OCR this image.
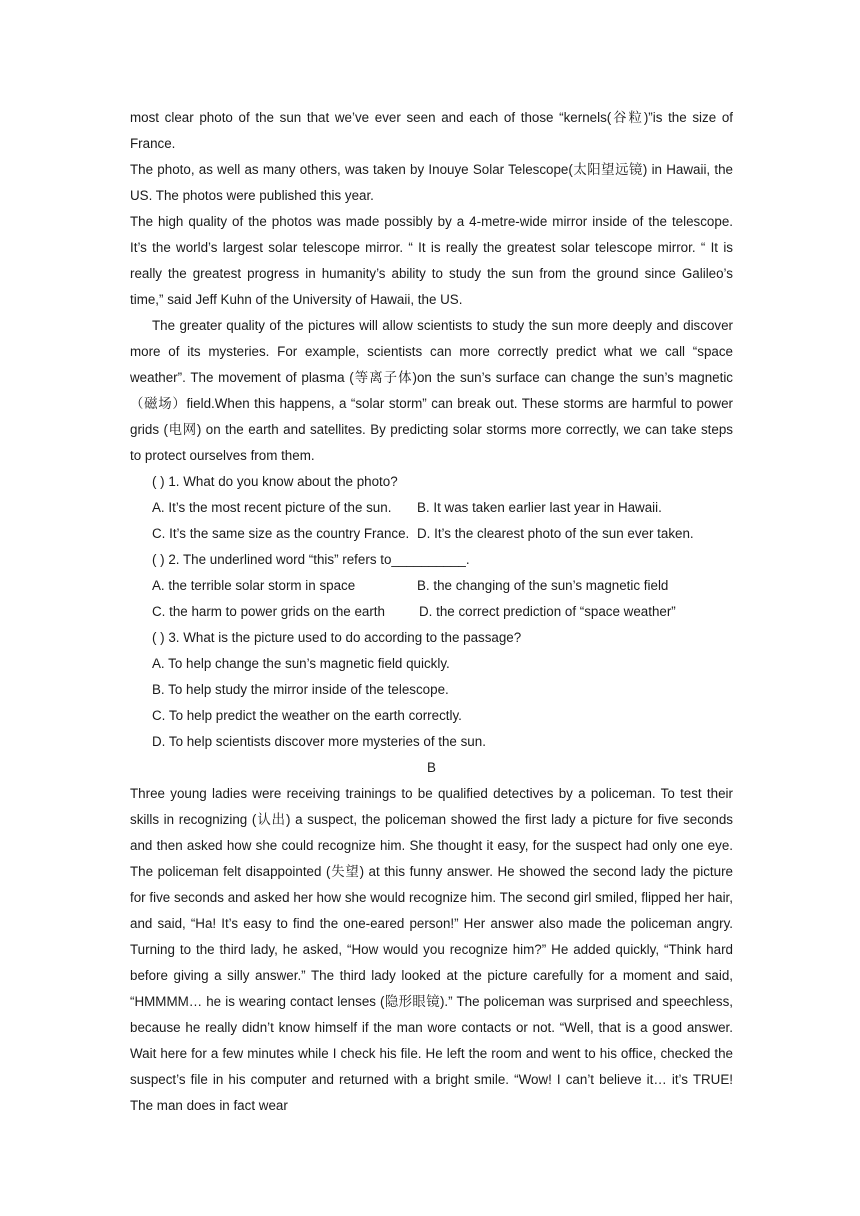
most clear photo of the sun that we’ve ever seen and each of those “kernels(谷粒)”is the size of France.

The photo, as well as many others, was taken by Inouye Solar Telescope(太阳望远镜) in Hawaii, the US. The photos were published this year.

The high quality of the photos was made possibly by a 4-metre-wide mirror inside of the telescope. It’s the world’s largest solar telescope mirror. “ It is really the greatest solar telescope mirror. “ It is really the greatest progress in humanity’s ability to study the sun from the ground since Galileo’s time,” said Jeff Kuhn of the University of Hawaii, the US.

The greater quality of the pictures will allow scientists to study the sun more deeply and discover more of its mysteries. For example, scientists can more correctly predict what we call “space weather”. The movement of plasma (等离子体)on the sun’s surface can change the sun’s magnetic （磁场）field.When this happens, a “solar storm” can break out. These storms are harmful to power grids (电网) on the earth and satellites. By predicting solar storms more correctly, we can take steps to protect ourselves from them.

( ) 1. What do you know about the photo?

A. It’s the most recent picture of the sun. B. It was taken earlier last year in Hawaii.

C. It’s the same size as the country France. D. It’s the clearest photo of the sun ever taken.

( ) 2. The underlined word “this” refers to__________.

A. the terrible solar storm in space	B. the changing of the sun’s magnetic field

C. the harm to power grids on the earth	D. the correct prediction of “space weather”

( ) 3. What is the picture used to do according to the passage?

A. To help change the sun’s magnetic field quickly.

B. To help study the mirror inside of the telescope.

C. To help predict the weather on the earth correctly.

D. To help scientists discover more mysteries of the sun.

B

Three young ladies were receiving trainings to be qualified detectives by a policeman. To test their skills in recognizing (认出) a suspect, the policeman showed the first lady a picture for five seconds and then asked how she could recognize him. She thought it easy, for the suspect had only one eye. The policeman felt disappointed (失望) at this funny answer. He showed the second lady the picture for five seconds and asked her how she would recognize him. The second girl smiled, flipped her hair, and said, “Ha! It’s easy to find the one-eared person!” Her answer also made the policeman angry. Turning to the third lady, he asked, “How would you recognize him?” He added quickly, “Think hard before giving a silly answer.” The third lady looked at the picture carefully for a moment and said, “HMMMM… he is wearing contact lenses (隐形眼镜).” The policeman was surprised and speechless, because he really didn’t know himself if the man wore contacts or not. “Well, that is a good answer. Wait here for a few minutes while I check his file. He left the room and went to his office, checked the suspect’s file in his computer and returned with a bright smile. “Wow! I can’t believe it… it’s TRUE! The man does in fact wear
